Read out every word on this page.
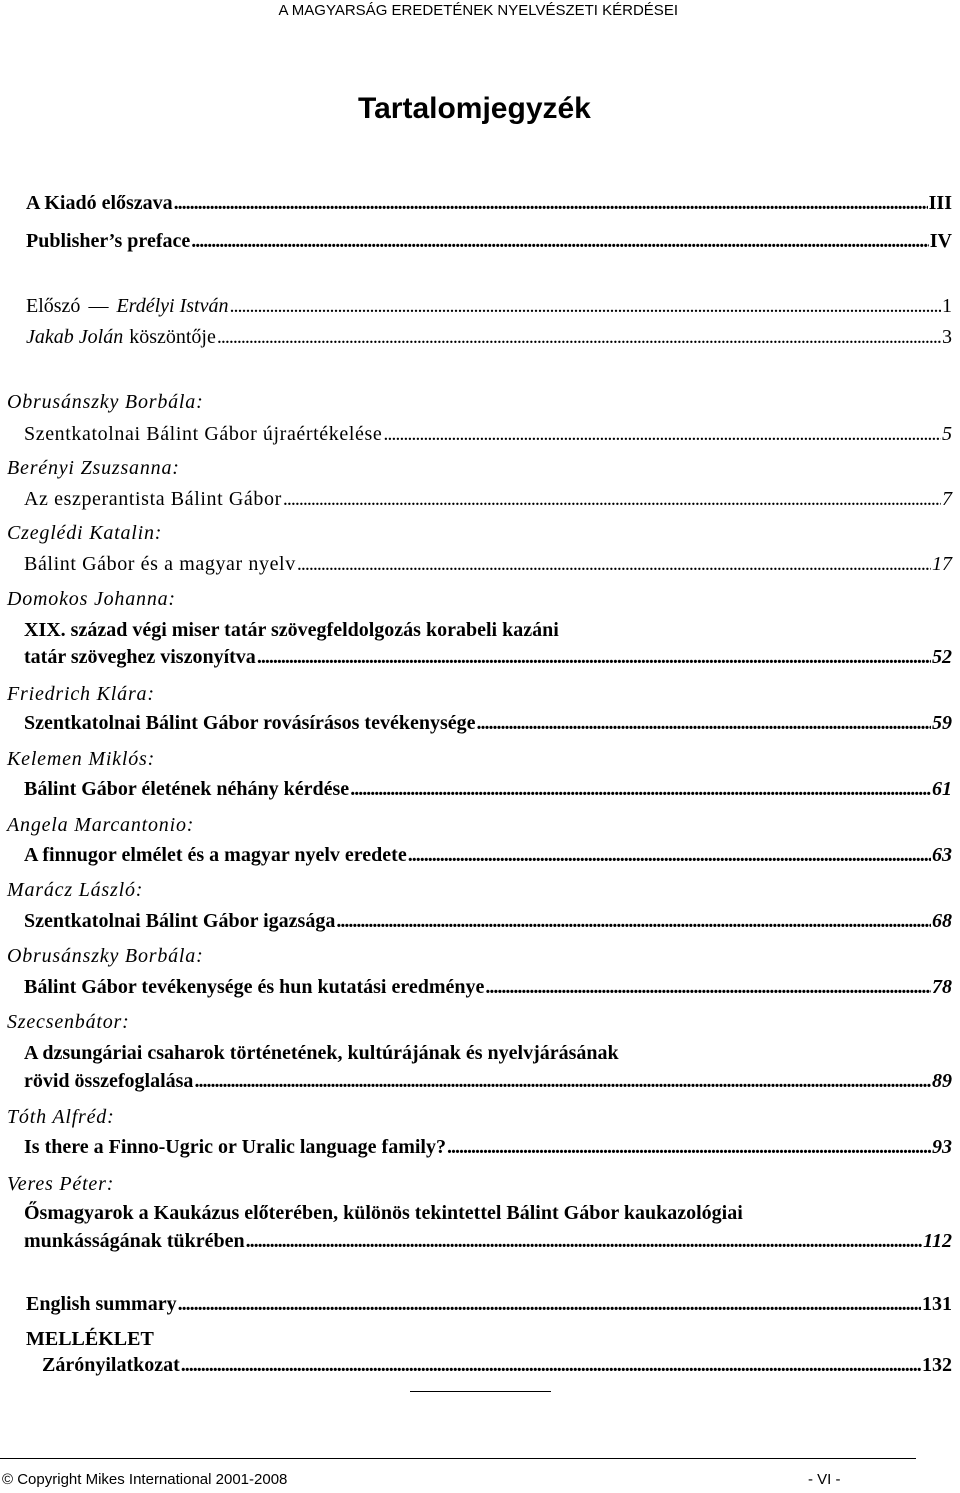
A MAGYARSÁG EREDETÉNEK NYELVÉSZETI KÉRDÉSEI
Tartalomjegyzék
A Kiadó előszava . . .	III
Publisher’s preface . . .	IV
Előszó — Erdélyi István . . .	1
Jakab Jolán köszöntője . . .	3
Obrusánszky Borbála:
Szentkatolnai Bálint Gábor újraértékelése . . .	5
Berényi Zsuzsanna:
Az eszperantista Bálint Gábor . . .	7
Czeglédi Katalin:
Bálint Gábor és a magyar nyelv . . .	17
Domokos Johanna:
XIX. század végi miser tatár szövegfeldolgozás korabeli kazáni
tatár szöveghez viszonyítva . . .	52
Friedrich Klára:
Szentkatolnai Bálint Gábor rovásírásos tevékenysége . . .	59
Kelemen Miklós:
Bálint Gábor életének néhány kérdése . . .	61
Angela Marcantonio:
A finnugor elmélet és a magyar nyelv eredete . . .	63
Marácz László:
Szentkatolnai Bálint Gábor igazsága . . .	68
Obrusánszky Borbála:
Bálint Gábor tevékenysége és hun kutatási eredménye . . .	78
Szecsenbátor:
A dzsungáriai csaharok történetének, kultúrájának és nyelvjárásának
rövid összefoglalása . . .	89
Tóth Alfréd:
Is there a Finno-Ugric or Uralic language family? . . .	93
Veres Péter:
Ősmagyarok a Kaukázus előterében, különös tekintettel Bálint Gábor kaukazológiai
munkásságának tükrében . . .	112
English summary . . .	131
MELLÉKLET
Zárónyilatkozat . . .	132
© Copyright Mikes International 2001-2008	- VI -
